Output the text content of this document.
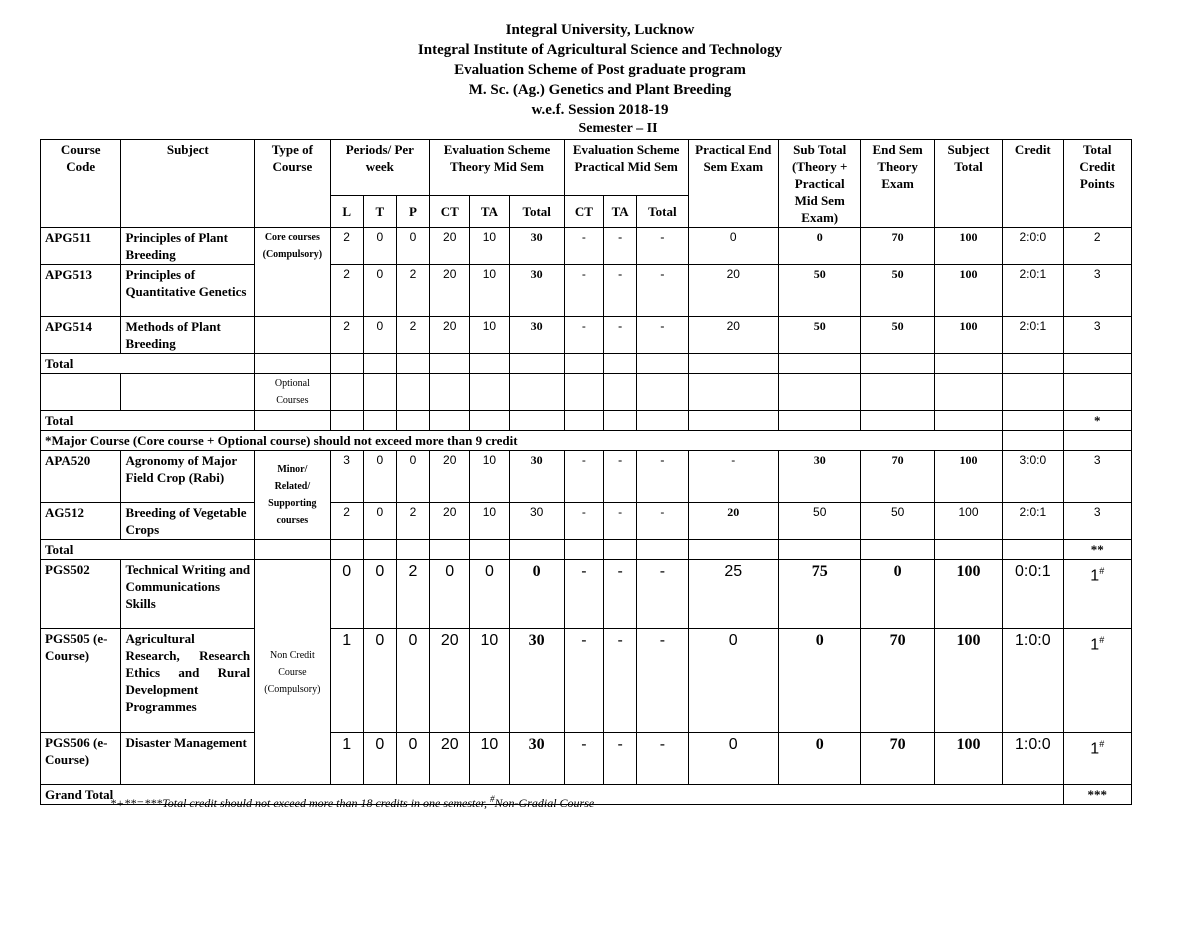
Integral University, Lucknow
Integral Institute of Agricultural Science and Technology
Evaluation Scheme of Post graduate program
M. Sc. (Ag.) Genetics and Plant Breeding
w.e.f. Session 2018-19
Semester – II
Course Code	Subject	Type of Course	Periods/ Per week			Evaluation Scheme Theory Mid Sem			Evaluation Scheme Practical Mid Sem			Practical End Sem Exam	Sub Total (Theory + Practical Mid Sem Exam)	End Sem Theory Exam	Subject Total	Credit	Total Credit Points
			L	T	P	CT	TA	Total	CT	TA	Total						
APG511	Principles of Plant Breeding	Core courses (Compulsory)	2	0	0	20	10	30	-	-	-	0	0	70	100	2:0:0	2
APG513	Principles of Quantitative Genetics		2	0	2	20	10	30	-	-	-	20	50	50	100	2:0:1	3
APG514	Methods of Plant Breeding		2	0	2	20	10	30	-	-	-	20	50	50	100	2:0:1	3
Total																	
		Optional Courses															
Total																	*
*Major Course (Core course + Optional course) should not exceed more than 9 credit																	
APA520	Agronomy of Major Field Crop (Rabi)	Minor/ Related/ Supporting courses	3	0	0	20	10	30	-	-	-	-	30	70	100	3:0:0	3
AG512	Breeding of Vegetable Crops		2	0	2	20	10	30	-	-	-	20	50	50	100	2:0:1	3
Total																	**
PGS502	Technical Writing and Communications Skills	Non Credit Course (Compulsory)	0	0	2	0	0	0	-	-	-	25	75	0	100	0:0:1	1#
PGS505 (e-Course)	Agricultural Research, Research Ethics and Rural Development Programmes		1	0	0	20	10	30	-	-	-	0	0	70	100	1:0:0	1#
PGS506 (e-Course)	Disaster Management		1	0	0	20	10	30	-	-	-	0	0	70	100	1:0:0	1#
Grand Total																	***
*+**=***Total credit should not exceed more than 18 credits in one semester, #Non-Gradial Course
